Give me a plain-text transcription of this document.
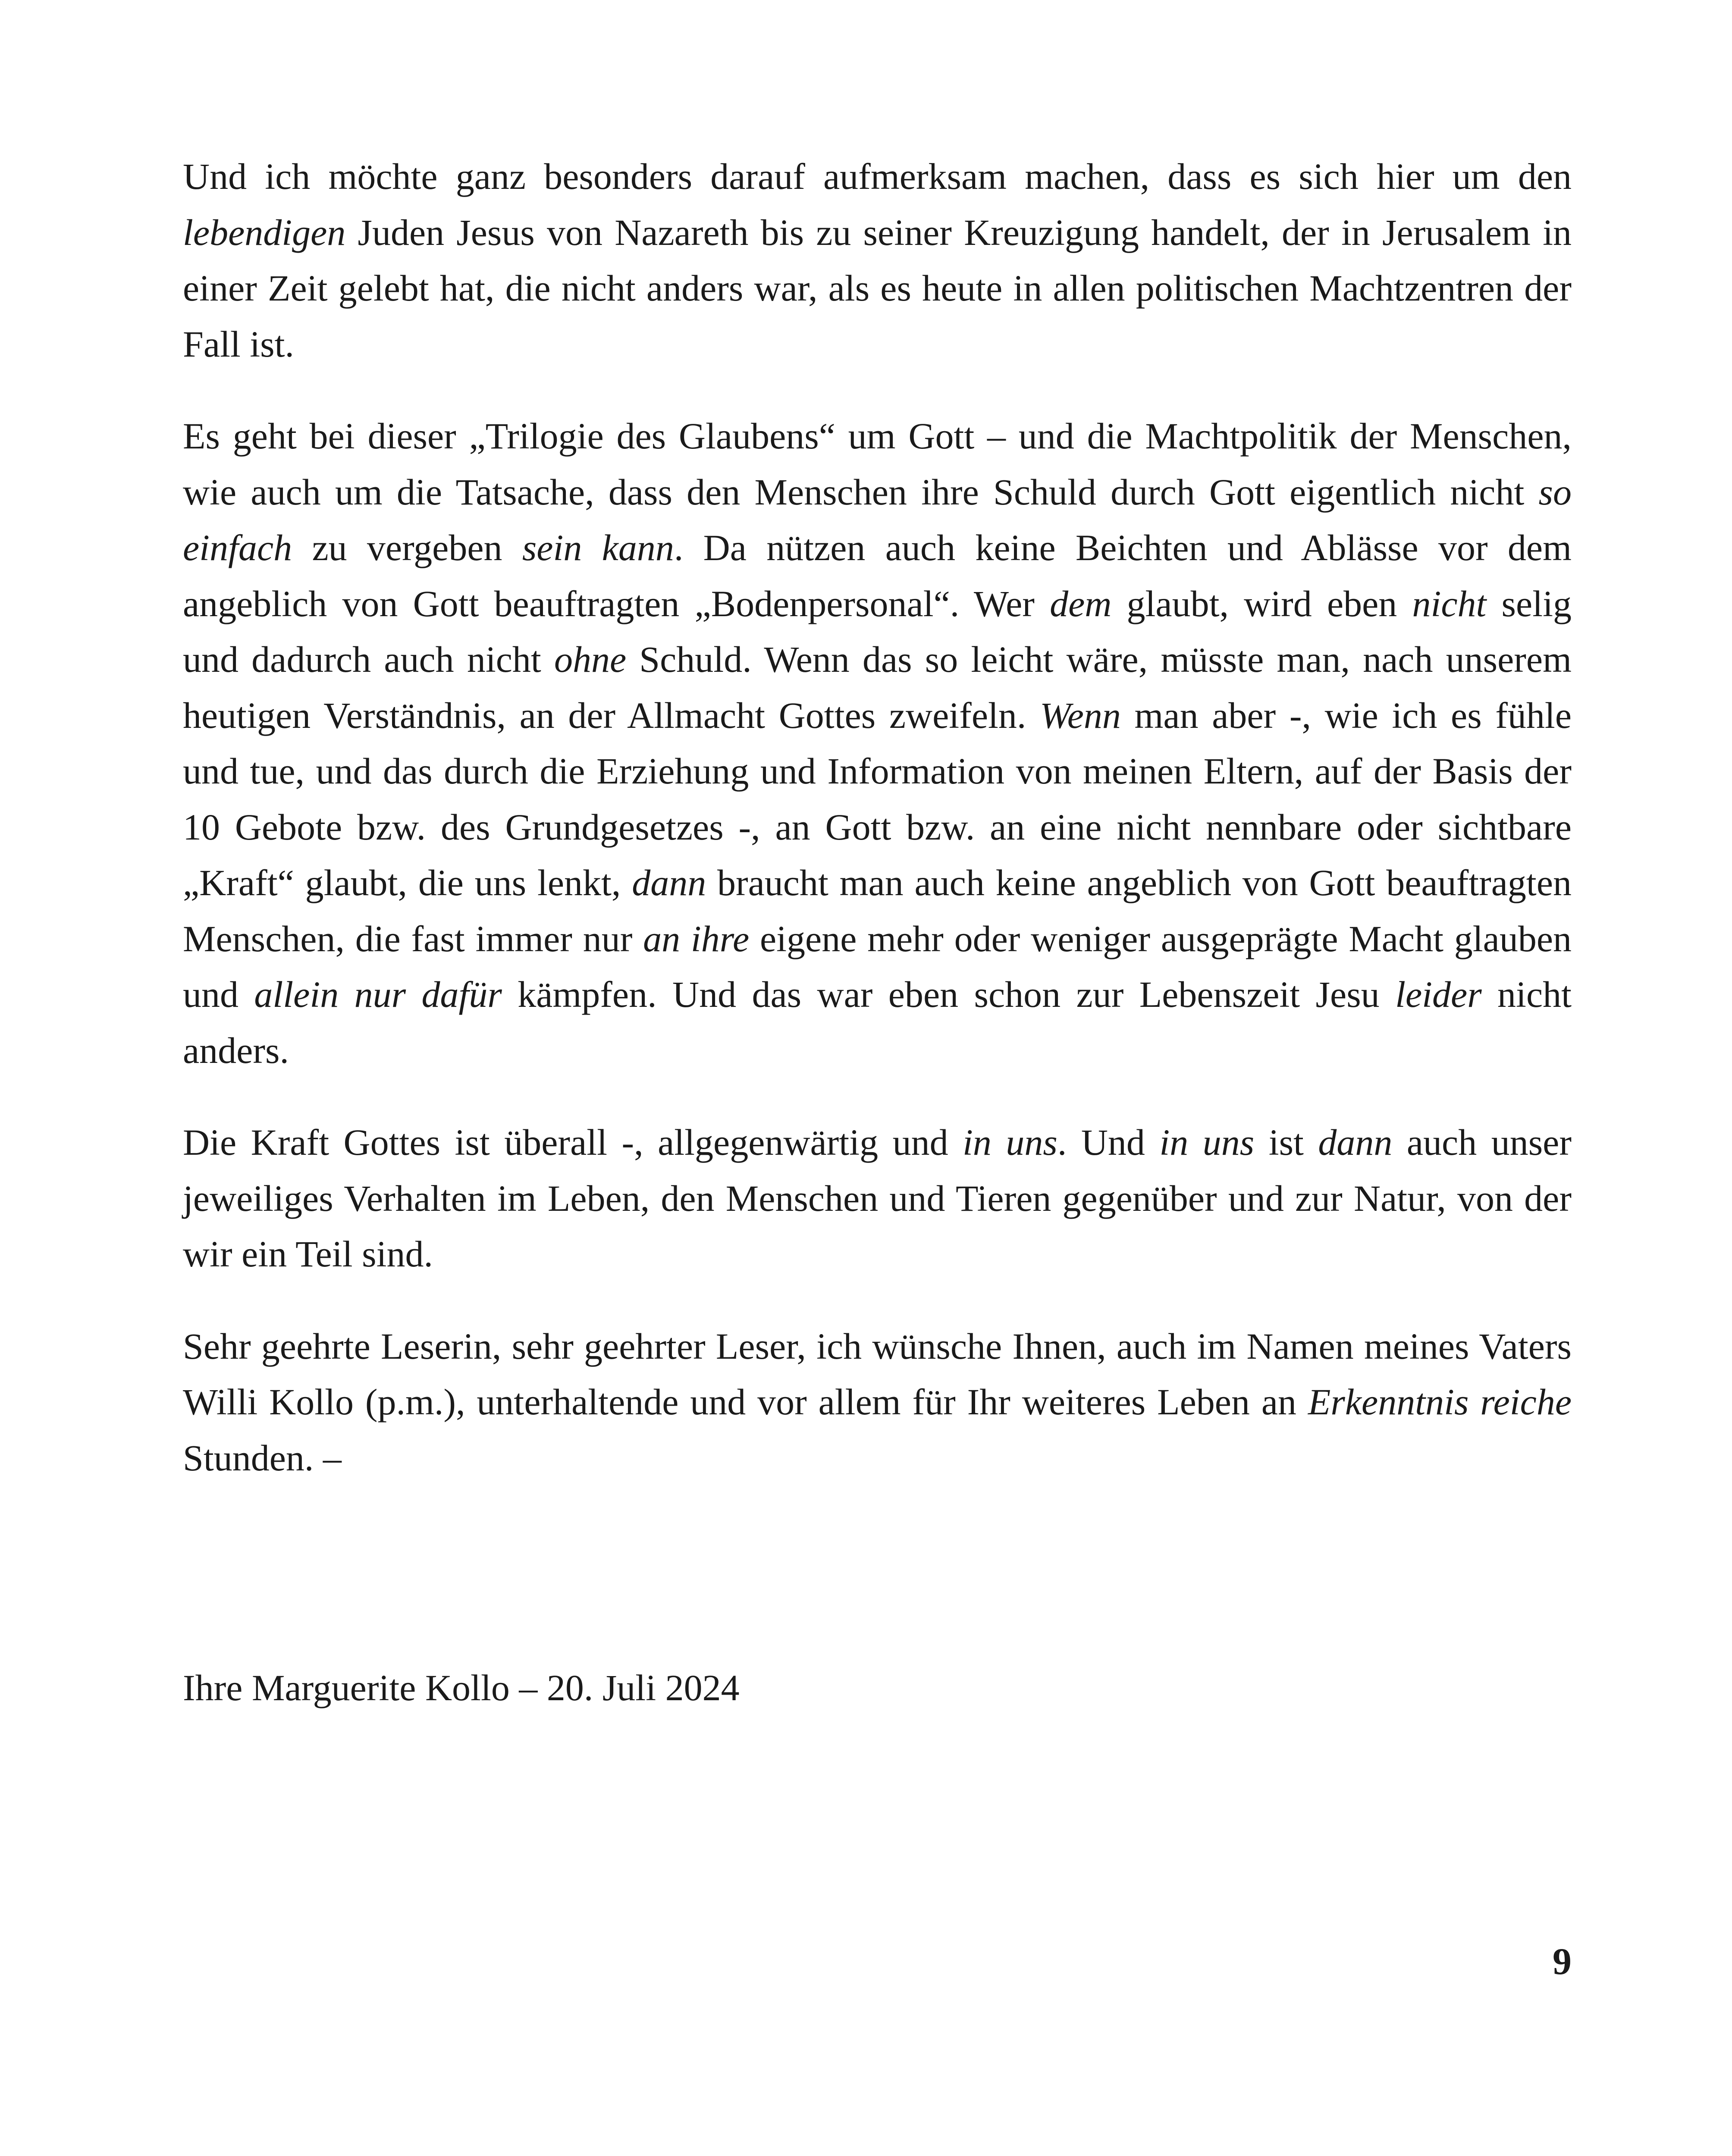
Und ich möchte ganz besonders darauf aufmerksam machen, dass es sich hier um den lebendigen Juden Jesus von Nazareth bis zu seiner Kreuzigung handelt, der in Jerusalem in einer Zeit gelebt hat, die nicht anders war, als es heute in allen politischen Machtzentren der Fall ist.

Es geht bei dieser „Trilogie des Glaubens“ um Gott – und die Machtpolitik der Menschen, wie auch um die Tatsache, dass den Menschen ihre Schuld durch Gott eigentlich nicht so einfach zu vergeben sein kann. Da nützen auch keine Beichten und Ablässe vor dem angeblich von Gott beauftragten „Bodenpersonal“. Wer dem glaubt, wird eben nicht selig und dadurch auch nicht ohne Schuld. Wenn das so leicht wäre, müsste man, nach unserem heutigen Verständnis, an der Allmacht Gottes zweifeln. Wenn man aber -, wie ich es fühle und tue, und das durch die Erziehung und Information von meinen Eltern, auf der Basis der 10 Gebote bzw. des Grundgesetzes -, an Gott bzw. an eine nicht nennbare oder sichtbare „Kraft“ glaubt, die uns lenkt, dann braucht man auch keine angeblich von Gott beauftragten Menschen, die fast immer nur an ihre eigene mehr oder weniger ausgeprägte Macht glauben und allein nur dafür kämpfen. Und das war eben schon zur Lebenszeit Jesu leider nicht anders.

Die Kraft Gottes ist überall -, allgegenwärtig und in uns. Und in uns ist dann auch unser jeweiliges Verhalten im Leben, den Menschen und Tieren gegenüber und zur Natur, von der wir ein Teil sind.

Sehr geehrte Leserin, sehr geehrter Leser, ich wünsche Ihnen, auch im Namen meines Vaters Willi Kollo (p.m.), unterhaltende und vor allem für Ihr weiteres Leben an Erkenntnis reiche Stunden. –

Ihre Marguerite Kollo – 20. Juli 2024

9
